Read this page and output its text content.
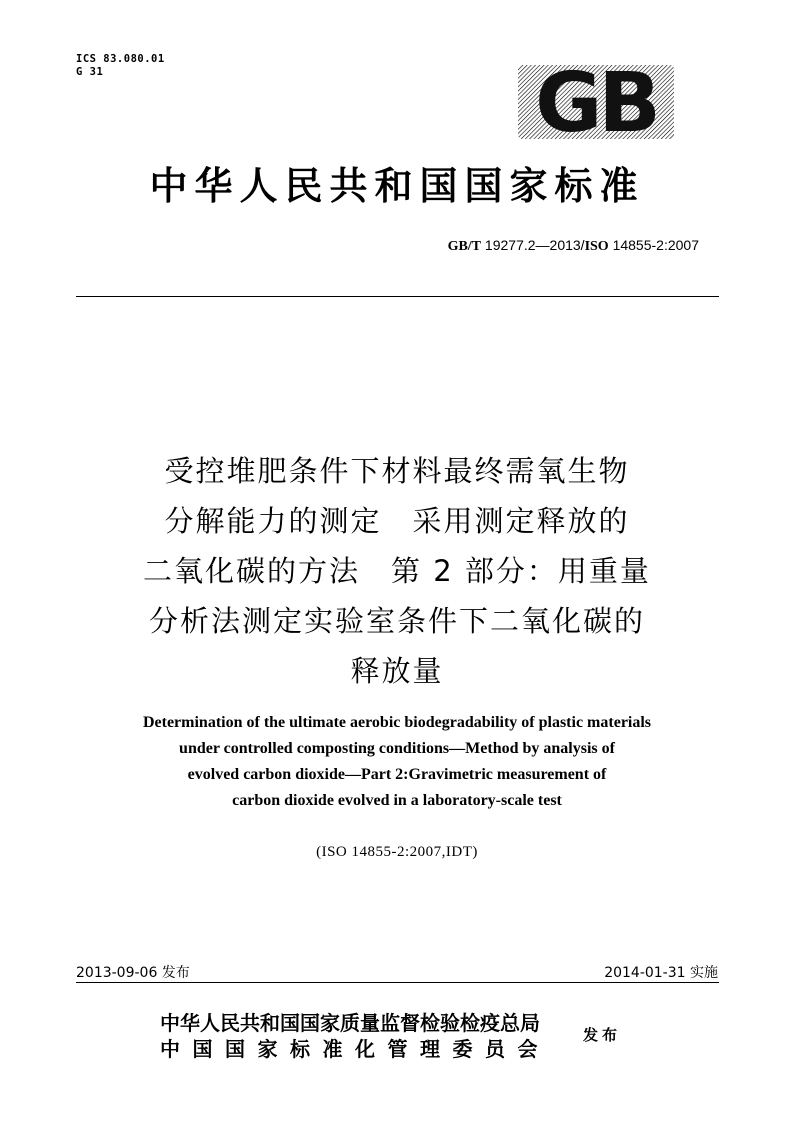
ICS 83.080.01
G 31	GB
中华人民共和国国家标准
GB/T 19277.2—2013/ISO 14855-2:2007
受控堆肥条件下材料最终需氧生物
分解能力的测定　采用测定释放的
二氧化碳的方法　第 2 部分：用重量
分析法测定实验室条件下二氧化碳的
释放量
Determination of the ultimate aerobic biodegradability of plastic materials
under controlled composting conditions—Method by analysis of
evolved carbon dioxide—Part 2:Gravimetric measurement of
carbon dioxide evolved in a laboratory-scale test
(ISO 14855-2:2007,IDT)
2013-09-06 发布	2014-01-31 实施
中华人民共和国国家质量监督检验检疫总局
中国国家标准化管理委员会
发布
